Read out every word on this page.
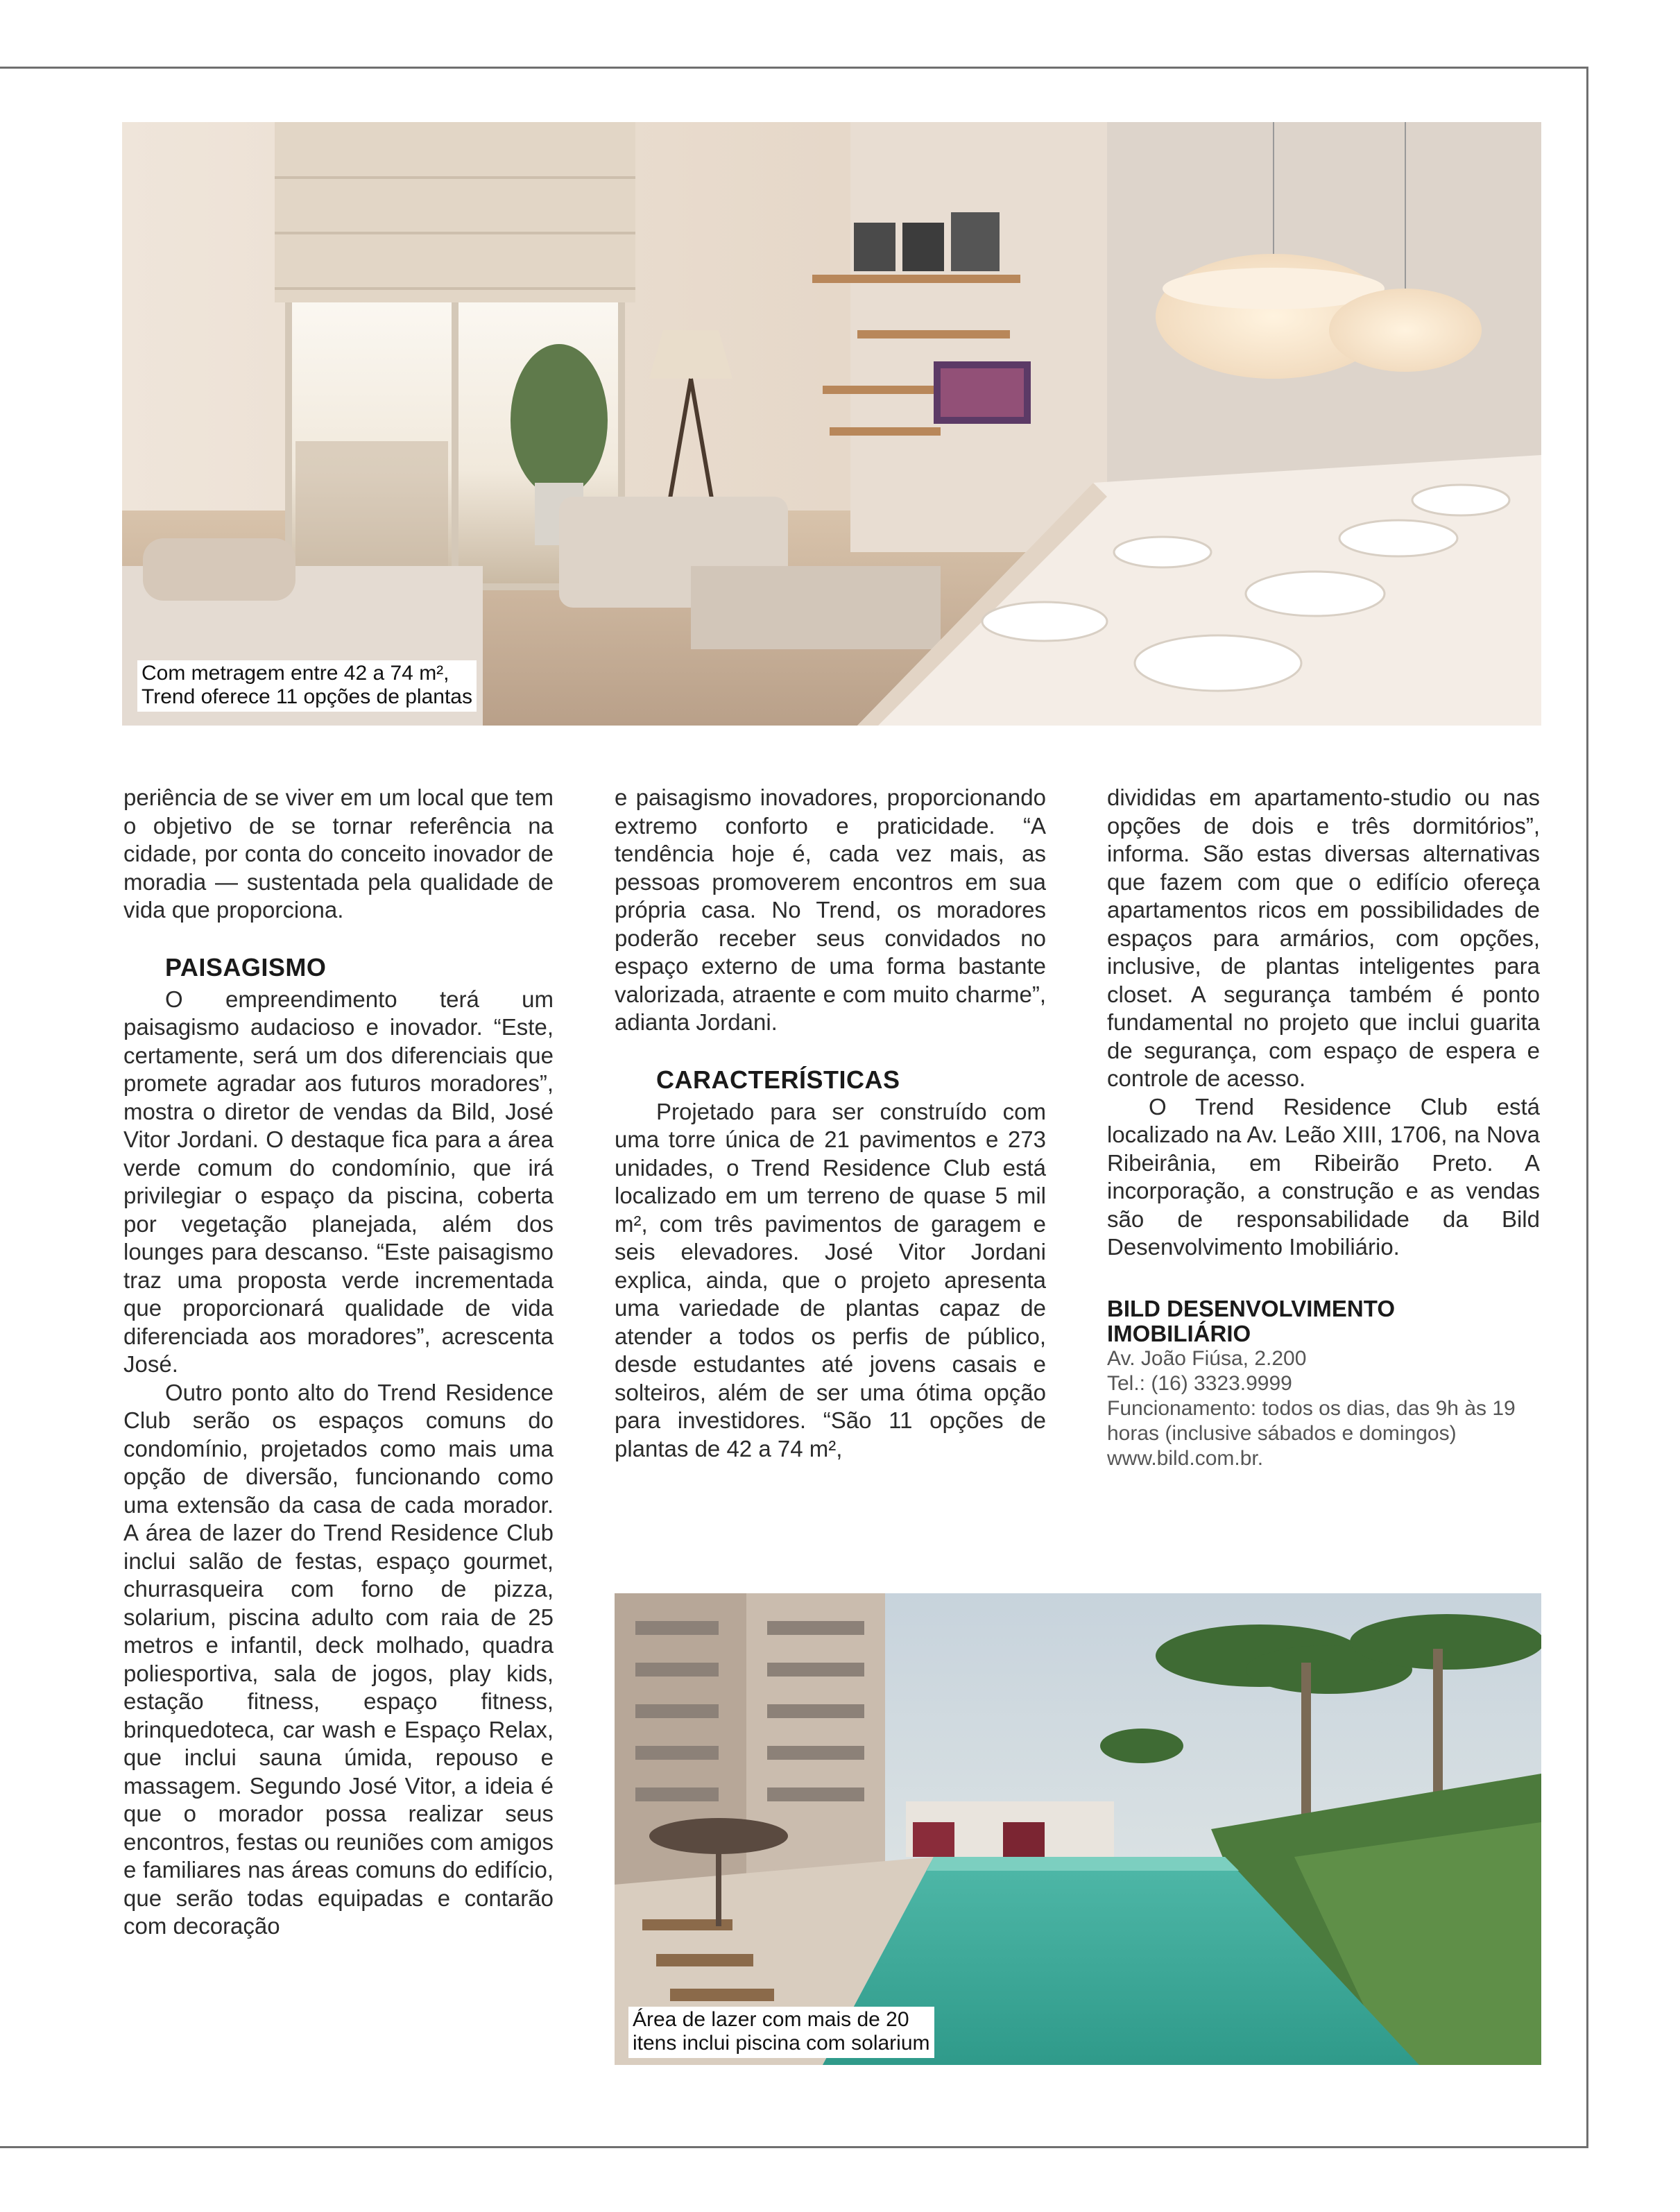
Com metragem entre 42 a 74 m²,
Trend oferece 11 opções de plantas

periência de se viver em um local que tem o objetivo de se tornar referência na cidade, por conta do conceito inovador de moradia — sustentada pela qualidade de vida que proporciona.

PAISAGISMO

O empreendimento terá um paisagismo audacioso e inovador. “Este, certamente, será um dos diferenciais que promete agradar aos futuros moradores”, mostra o diretor de vendas da Bild, José Vitor Jordani. O destaque fica para a área verde comum do condomínio, que irá privilegiar o espaço da piscina, coberta por vegetação planejada, além dos lounges para descanso. “Este paisagismo traz uma proposta verde incrementada que proporcionará qualidade de vida diferenciada aos moradores”, acrescenta José.

Outro ponto alto do Trend Residence Club serão os espaços comuns do condomínio, projetados como mais uma opção de diversão, funcionando como uma extensão da casa de cada morador. A área de lazer do Trend Residence Club inclui salão de festas, espaço gourmet, churrasqueira com forno de pizza, solarium, piscina adulto com raia de 25 metros e infantil, deck molhado, quadra poliesportiva, sala de jogos, play kids, estação fitness, espaço fitness, brinquedoteca, car wash e Espaço Relax, que inclui sauna úmida, repouso e massagem. Segundo José Vitor, a ideia é que o morador possa realizar seus encontros, festas ou reuniões com amigos e familiares nas áreas comuns do edifício, que serão todas equipadas e contarão com decoração

e paisagismo inovadores, proporcionando extremo conforto e praticidade. “A tendência hoje é, cada vez mais, as pessoas promoverem encontros em sua própria casa. No Trend, os moradores poderão receber seus convidados no espaço externo de uma forma bastante valorizada, atraente e com muito charme”, adianta Jordani.

CARACTERÍSTICAS

Projetado para ser construído com uma torre única de 21 pavimentos e 273 unidades, o Trend Residence Club está localizado em um terreno de quase 5 mil m², com três pavimentos de garagem e seis elevadores. José Vitor Jordani explica, ainda, que o projeto apresenta uma variedade de plantas capaz de atender a todos os perfis de público, desde estudantes até jovens casais e solteiros, além de ser uma ótima opção para investidores. “São 11 opções de plantas de 42 a 74 m²,

divididas em apartamento-studio ou nas opções de dois e três dormitórios”, informa. São estas diversas alternativas que fazem com que o edifício ofereça apartamentos ricos em possibilidades de espaços para armários, com opções, inclusive, de plantas inteligentes para closet. A segurança também é ponto fundamental no projeto que inclui guarita de segurança, com espaço de espera e controle de acesso.

O Trend Residence Club está localizado na Av. Leão XIII, 1706, na Nova Ribeirânia, em Ribeirão Preto. A incorporação, a construção e as vendas são de responsabilidade da Bild Desenvolvimento Imobiliário.

BILD DESENVOLVIMENTO
IMOBILIÁRIO
Av. João Fiúsa, 2.200
Tel.: (16) 3323.9999
Funcionamento: todos os dias, das 9h às 19 horas (inclusive sábados e domingos)
www.bild.com.br.
Área de lazer com mais de 20
itens inclui piscina com solarium
